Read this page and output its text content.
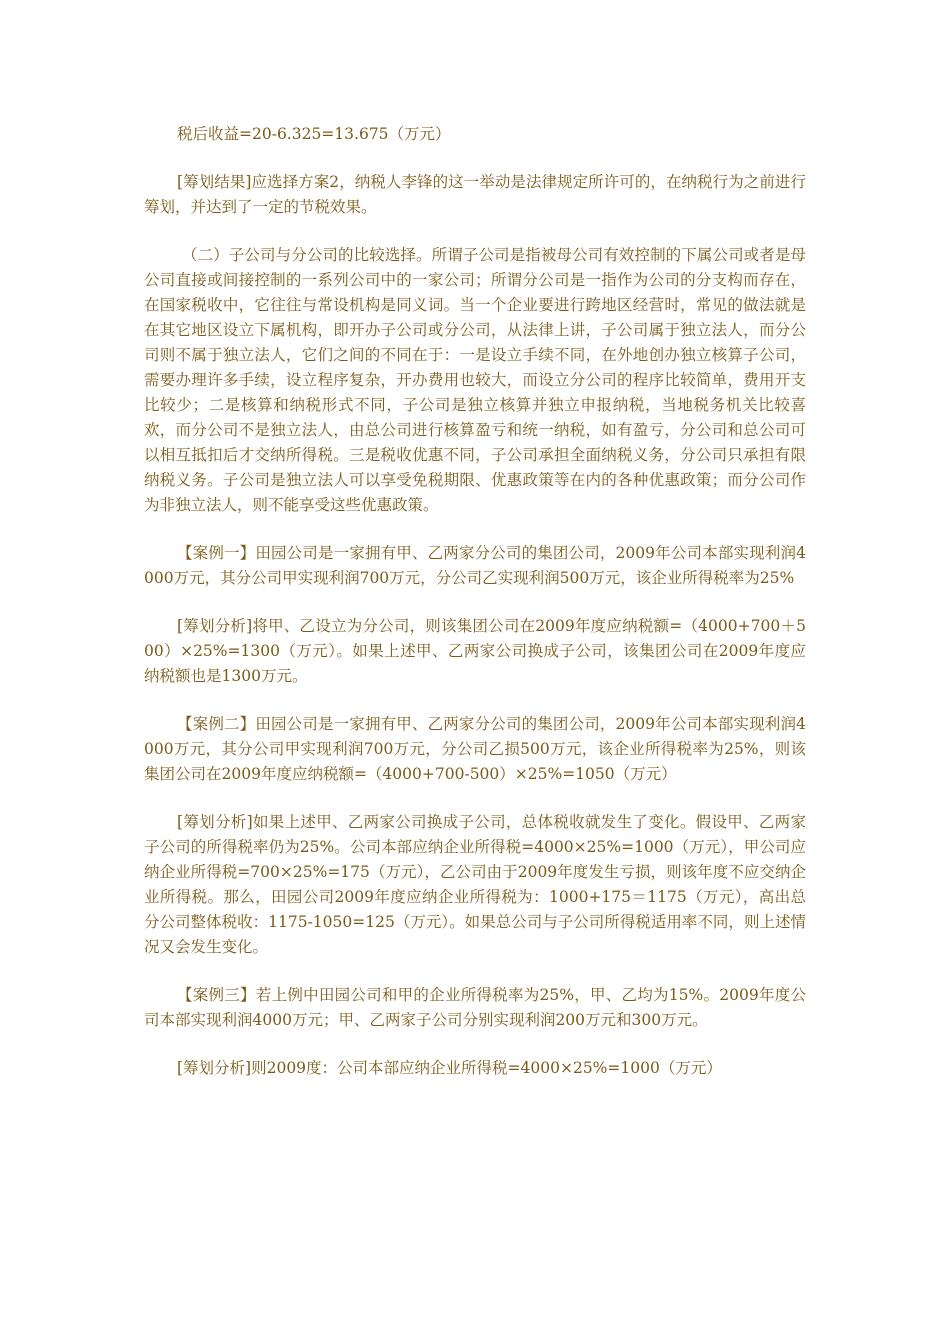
税后收益=20-6.325=13.675（万元）

[筹划结果]应选择方案2，纳税人李锋的这一举动是法律规定所许可的，在纳税行为之前进行筹划，并达到了一定的节税效果。

（二）子公司与分公司的比较选择。所谓子公司是指被母公司有效控制的下属公司或者是母公司直接或间接控制的一系列公司中的一家公司；所谓分公司是一指作为公司的分支构而存在，在国家税收中，它往往与常设机构是同义词。当一个企业要进行跨地区经营时，常见的做法就是在其它地区设立下属机构，即开办子公司或分公司，从法律上讲，子公司属于独立法人，而分公司则不属于独立法人，它们之间的不同在于：一是设立手续不同，在外地创办独立核算子公司，需要办理许多手续，设立程序复杂，开办费用也较大，而设立分公司的程序比较简单，费用开支比较少；二是核算和纳税形式不同，子公司是独立核算并独立申报纳税，当地税务机关比较喜欢，而分公司不是独立法人，由总公司进行核算盈亏和统一纳税，如有盈亏，分公司和总公司可以相互抵扣后才交纳所得税。三是税收优惠不同，子公司承担全面纳税义务，分公司只承担有限纳税义务。子公司是独立法人可以享受免税期限、优惠政策等在内的各种优惠政策；而分公司作为非独立法人，则不能享受这些优惠政策。

【案例一】田园公司是一家拥有甲、乙两家分公司的集团公司，2009年公司本部实现利润4000万元，其分公司甲实现利润700万元，分公司乙实现利润500万元，该企业所得税率为25%

[筹划分析]将甲、乙设立为分公司，则该集团公司在2009年度应纳税额=（4000+700＋500）×25%=1300（万元）。如果上述甲、乙两家公司换成子公司，该集团公司在2009年度应纳税额也是1300万元。

【案例二】田园公司是一家拥有甲、乙两家分公司的集团公司，2009年公司本部实现利润4000万元，其分公司甲实现利润700万元，分公司乙损500万元，该企业所得税率为25%，则该集团公司在2009年度应纳税额=（4000+700-500）×25%=1050（万元）

[筹划分析]如果上述甲、乙两家公司换成子公司，总体税收就发生了变化。假设甲、乙两家子公司的所得税率仍为25%。公司本部应纳企业所得税=4000×25%=1000（万元），甲公司应纳企业所得税=700×25%=175（万元），乙公司由于2009年度发生亏损，则该年度不应交纳企业所得税。那么，田园公司2009年度应纳企业所得税为：1000+175＝1175（万元），高出总分公司整体税收：1175-1050=125（万元）。如果总公司与子公司所得税适用率不同，则上述情况又会发生变化。

【案例三】若上例中田园公司和甲的企业所得税率为25%，甲、乙均为15%。2009年度公司本部实现利润4000万元；甲、乙两家子公司分别实现利润200万元和300万元。

[筹划分析]则2009度：公司本部应纳企业所得税=4000×25%=1000（万元）
